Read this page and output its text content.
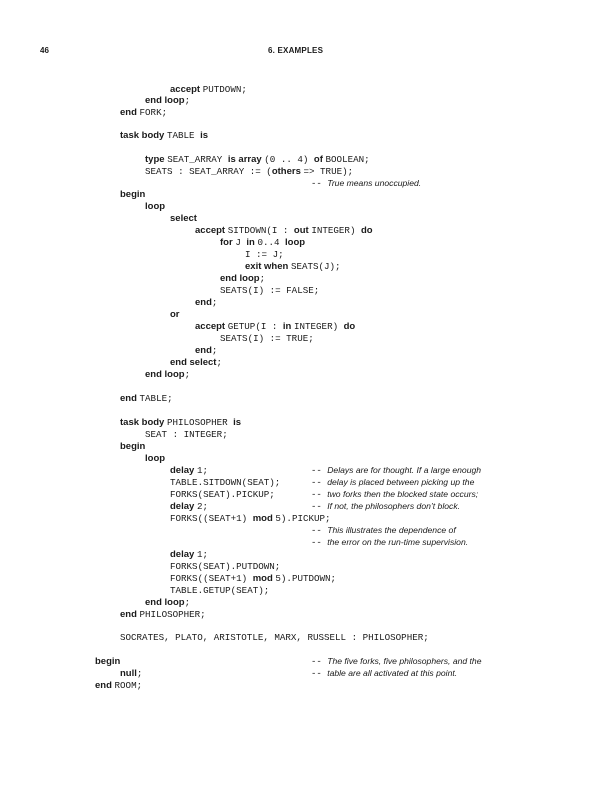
46	6. EXAMPLES
accept PUTDOWN;
end loop;
end FORK;
task body TABLE is
type SEAT_ARRAY is array (0 .. 4) of BOOLEAN;
SEATS : SEAT_ARRAY := (others => TRUE);
begin
loop
select
accept SITDOWN(I : out INTEGER) do
for J in 0..4 loop
I := J;
exit when SEATS(J);
end loop;
SEATS(I) := FALSE;
end;
or
accept GETUP(I : in INTEGER) do
SEATS(I) := TRUE;
end;
end select;
end loop;
end TABLE;
task body PHILOSOPHER is
SEAT : INTEGER;
begin
loop
delay 1;
TABLE.SITDOWN(SEAT);
FORKS(SEAT).PICKUP;
delay 2;
FORKS((SEAT+1) mod 5).PICKUP;
delay 1;
FORKS(SEAT).PUTDOWN;
FORKS((SEAT+1) mod 5).PUTDOWN;
TABLE.GETUP(SEAT);
end loop;
end PHILOSOPHER;
SOCRATES, PLATO, ARISTOTLE, MARX, RUSSELL : PHILOSOPHER;
begin
null;
end ROOM;
-- True means unoccupied.
-- Delays are for thought. If a large enough
-- delay is placed between picking up the
-- two forks then the blocked state occurs;
-- If not, the philosophers don’t block.
-- This illustrates the dependence of
-- the error on the run-time supervision.
-- The five forks, five philosophers, and the
-- table are all activated at this point.
